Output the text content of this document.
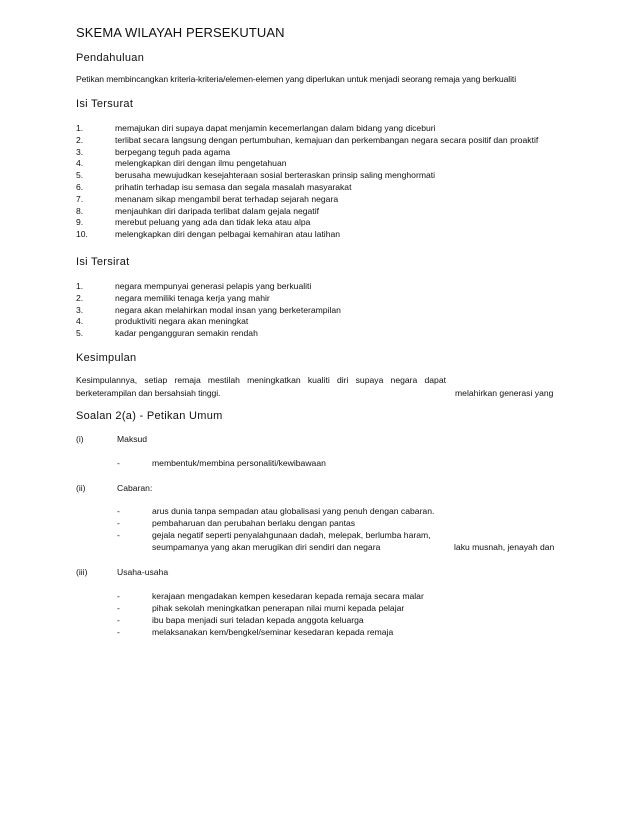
SKEMA WILAYAH PERSEKUTUAN
Pendahuluan
Petikan membincangkan kriteria-kriteria/elemen-elemen yang diperlukan untuk menjadi seorang remaja yang berkualiti
Isi Tersurat
1.	memajukan diri supaya dapat menjamin kecemerlangan dalam bidang yang diceburi
2.	terlibat secara langsung dengan pertumbuhan, kemajuan dan perkembangan negara secara positif dan proaktif
3.	berpegang teguh pada agama
4.	melengkapkan diri dengan ilmu pengetahuan
5.	berusaha mewujudkan kesejahteraan sosial berteraskan prinsip saling menghormati
6.	prihatin terhadap isu semasa dan segala masalah masyarakat
7.	menanam sikap mengambil berat terhadap sejarah negara
8.	menjauhkan diri daripada terlibat dalam gejala negatif
9.	merebut peluang yang ada dan tidak leka atau alpa
10.	melengkapkan diri dengan pelbagai kemahiran atau latihan
Isi Tersirat
1.	negara mempunyai generasi pelapis yang berkualiti
2.	negara memiliki tenaga kerja yang mahir
3.	negara akan melahirkan modal insan yang berketerampilan
4.	produktiviti negara akan meningkat
5.	kadar pengangguran semakin rendah
Kesimpulan
Kesimpulannya, setiap remaja mestilah meningkatkan kualiti diri supaya negara dapat
berketerampilan dan bersahsiah tinggi.	melahirkan generasi yang
Soalan 2(a) - Petikan Umum
(i)	Maksud
-	membentuk/membina personaliti/kewibawaan
(ii)	Cabaran:
-	arus dunia tanpa sempadan atau globalisasi yang penuh dengan cabaran.
-	pembaharuan dan perubahan berlaku dengan pantas
-	gejala negatif seperti penyalahgunaan dadah, melepak, berlumba haram,
seumpamanya yang akan merugikan diri sendiri dan negara	laku musnah, jenayah dan
(iii)	Usaha-usaha
-	kerajaan mengadakan kempen kesedaran kepada remaja secara malar
-	pihak sekolah meningkatkan penerapan nilai murni kepada pelajar
-	ibu bapa menjadi suri teladan kepada anggota keluarga
-	melaksanakan kem/bengkel/seminar kesedaran kepada remaja
